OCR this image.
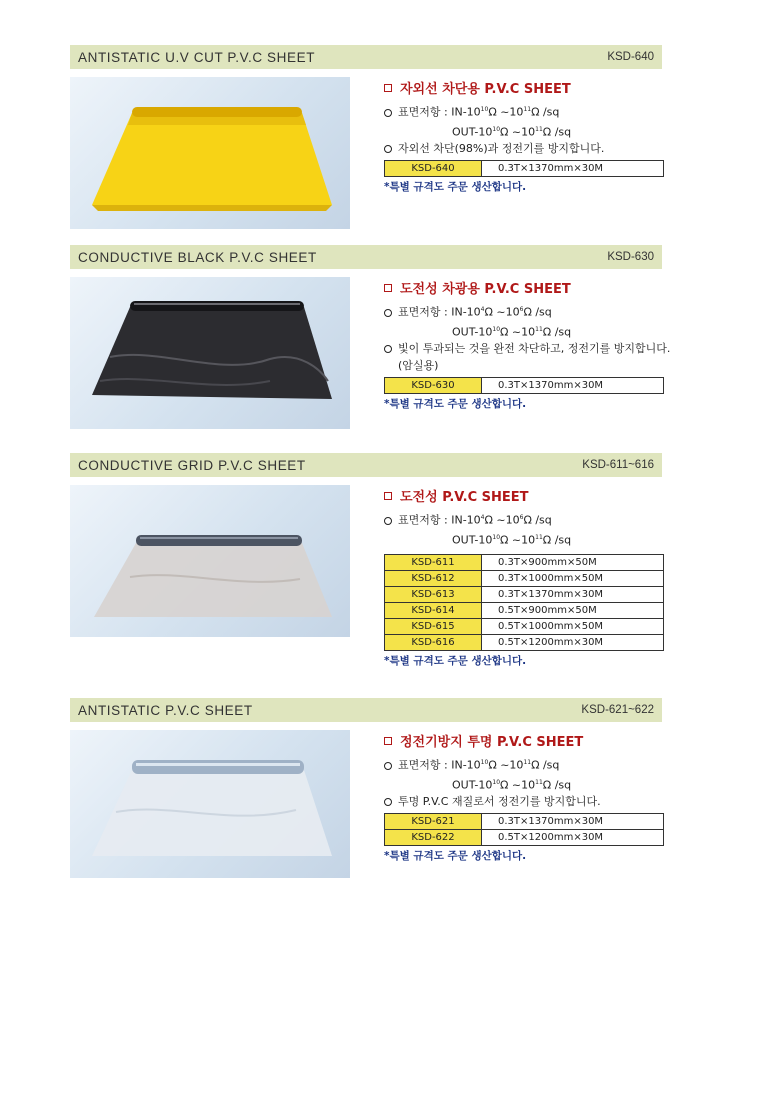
ANTISTATIC U.V CUT P.V.C SHEET	KSD-640
자외선 차단용 P.V.C SHEET
표면저항 : $IN-10^{10}\Omega$ $\sim 10^{11}\Omega$ /sq
OUT-$10^{10}\Omega$ $\sim 10^{11}\Omega$ /sq
자외선 차단(98%)과 정전기를 방지합니다.
KSD-640	0.3T×1370mm×30M
*특별 규격도 주문 생산합니다.
CONDUCTIVE BLACK P.V.C SHEET	KSD-630
도전성 차광용 P.V.C SHEET
표면저항 : $IN-10^4\Omega$ $\sim 10^6\Omega$ /sq
OUT-$10^{10}\Omega$ $\sim 10^{11}\Omega$ /sq
빛이 투과되는 것을 완전 차단하고, 정전기를 방지합니다.
(암실용)
KSD-630	0.3T×1370mm×30M
*특별 규격도 주문 생산합니다.
CONDUCTIVE GRID P.V.C SHEET	KSD-611~616
도전성 P.V.C SHEET
표면저항 : $IN-10^4\Omega$ $\sim 10^6\Omega$ /sq
OUT-$10^{10}\Omega$ $\sim 10^{11}\Omega$ /sq
KSD-611	0.3T×900mm×50M
KSD-612	0.3T×1000mm×50M
KSD-613	0.3T×1370mm×30M
KSD-614	0.5T×900mm×50M
KSD-615	0.5T×1000mm×50M
KSD-616	0.5T×1200mm×30M
*특별 규격도 주문 생산합니다.
ANTISTATIC P.V.C SHEET	KSD-621~622
정전기방지 투명 P.V.C SHEET
표면저항 : $IN-10^{10}\Omega$ $\sim 10^{11}\Omega$ /sq
OUT-$10^{10}\Omega$ $\sim 10^{11}\Omega$ /sq
투명 P.V.C 재질로서 정전기를 방지합니다.
KSD-621	0.3T×1370mm×30M
KSD-622	0.5T×1200mm×30M
*특별 규격도 주문 생산합니다.
